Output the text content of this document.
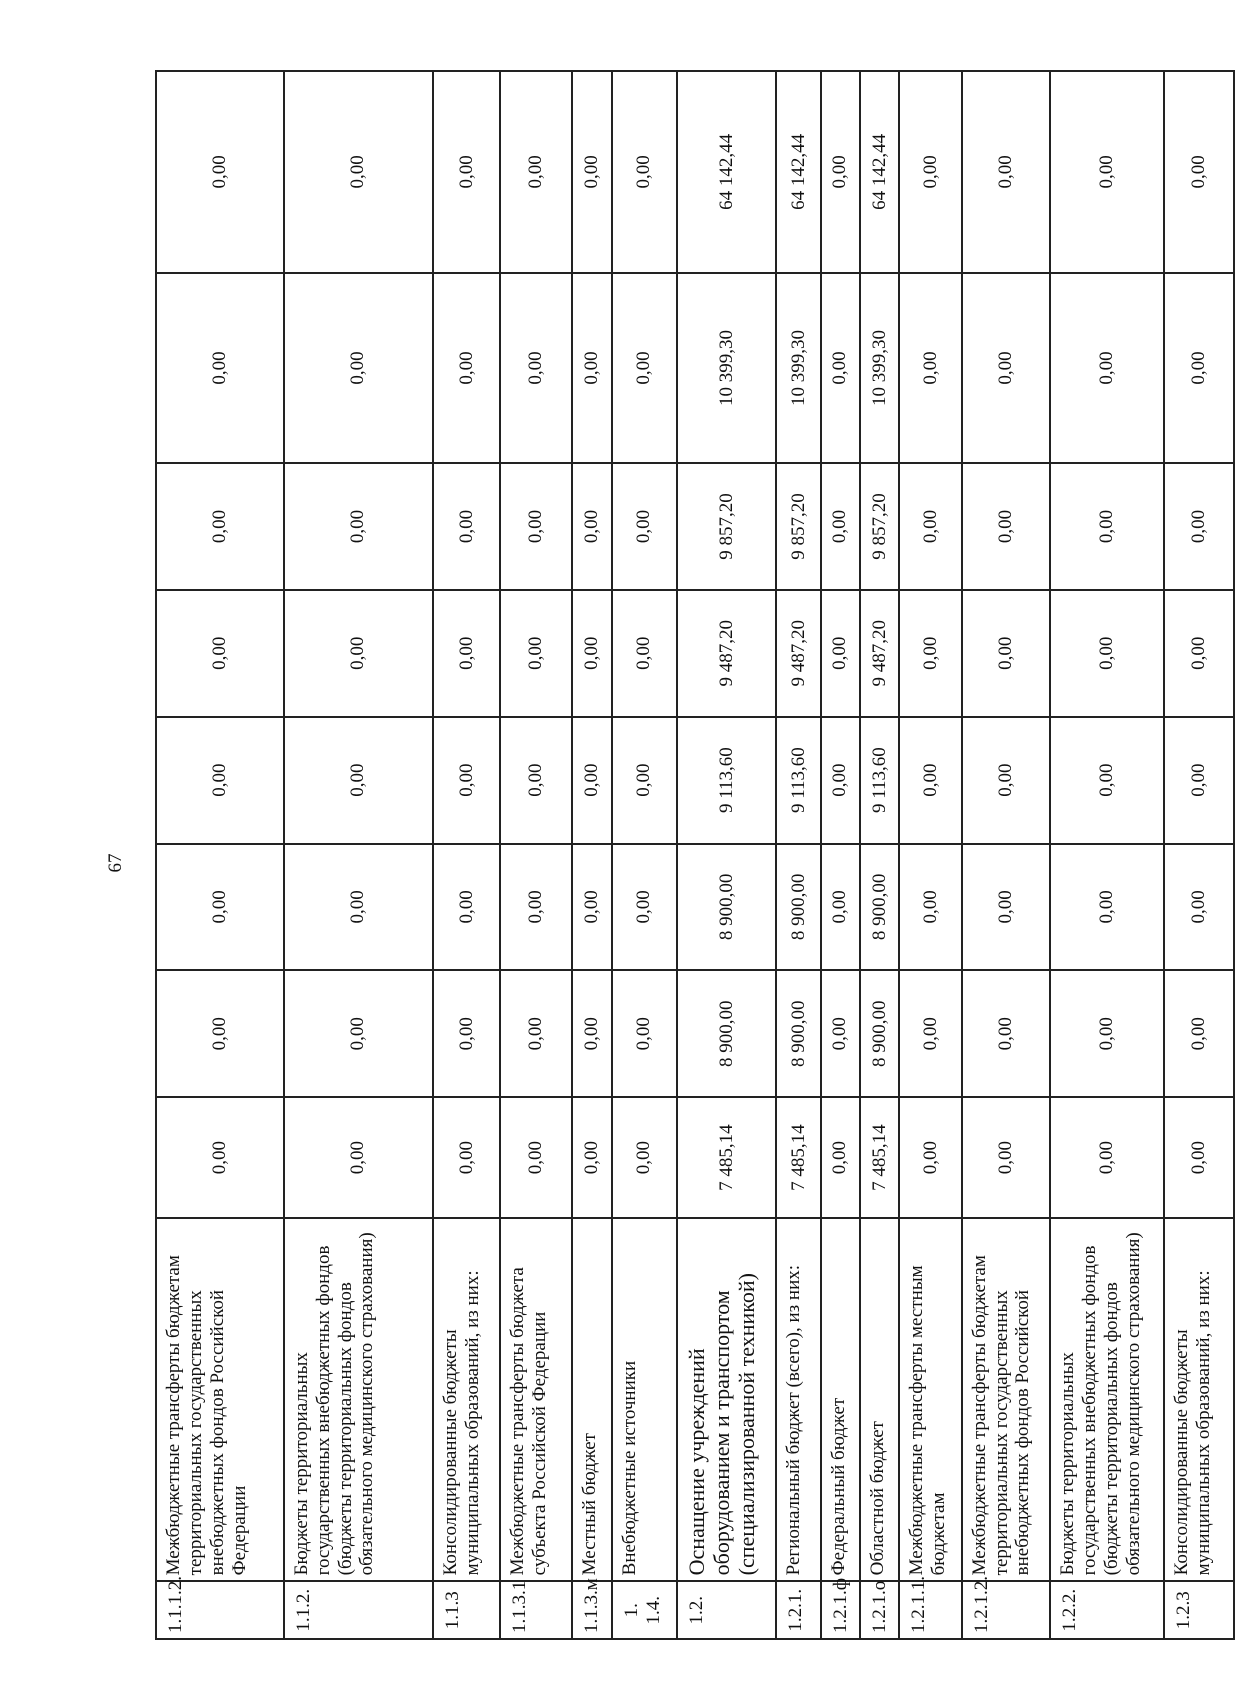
67
1.1.1.2.	Межбюджетные трансферты бюджетам территориальных государственных внебюджетных фондов Российской Федерации	0,00	0,00	0,00	0,00	0,00	0,00	0,00	0,00
1.1.2.	Бюджеты территориальных государственных внебюджетных фондов (бюджеты территориальных фондов обязательного медицинского страхования)	0,00	0,00	0,00	0,00	0,00	0,00	0,00	0,00
1.1.3	Консолидированные бюджеты муниципальных образований, из них:	0,00	0,00	0,00	0,00	0,00	0,00	0,00	0,00
1.1.3.1	Межбюджетные трансферты бюджета субъекта Российской Федерации	0,00	0,00	0,00	0,00	0,00	0,00	0,00	0,00
1.1.3.м	Местный бюджет	0,00	0,00	0,00	0,00	0,00	0,00	0,00	0,00
1. 1.4.	Внебюджетные источники	0,00	0,00	0,00	0,00	0,00	0,00	0,00	0,00
1.2.	Оснащение учреждений оборудованием и транспортом (специализированной техникой)	7 485,14	8 900,00	8 900,00	9 113,60	9 487,20	9 857,20	10 399,30	64 142,44
1.2.1.	Региональный бюджет (всего), из них:	7 485,14	8 900,00	8 900,00	9 113,60	9 487,20	9 857,20	10 399,30	64 142,44
1.2.1.ф	Федеральный бюджет	0,00	0,00	0,00	0,00	0,00	0,00	0,00	0,00
1.2.1.о	Областной бюджет	7 485,14	8 900,00	8 900,00	9 113,60	9 487,20	9 857,20	10 399,30	64 142,44
1.2.1.1.	Межбюджетные трансферты местным бюджетам	0,00	0,00	0,00	0,00	0,00	0,00	0,00	0,00
1.2.1.2.	Межбюджетные трансферты бюджетам территориальных государственных внебюджетных фондов Российской	0,00	0,00	0,00	0,00	0,00	0,00	0,00	0,00
1.2.2.	Бюджеты территориальных государственных внебюджетных фондов (бюджеты территориальных фондов обязательного медицинского страхования)	0,00	0,00	0,00	0,00	0,00	0,00	0,00	0,00
1.2.3	Консолидированные бюджеты муниципальных образований, из них:	0,00	0,00	0,00	0,00	0,00	0,00	0,00	0,00
